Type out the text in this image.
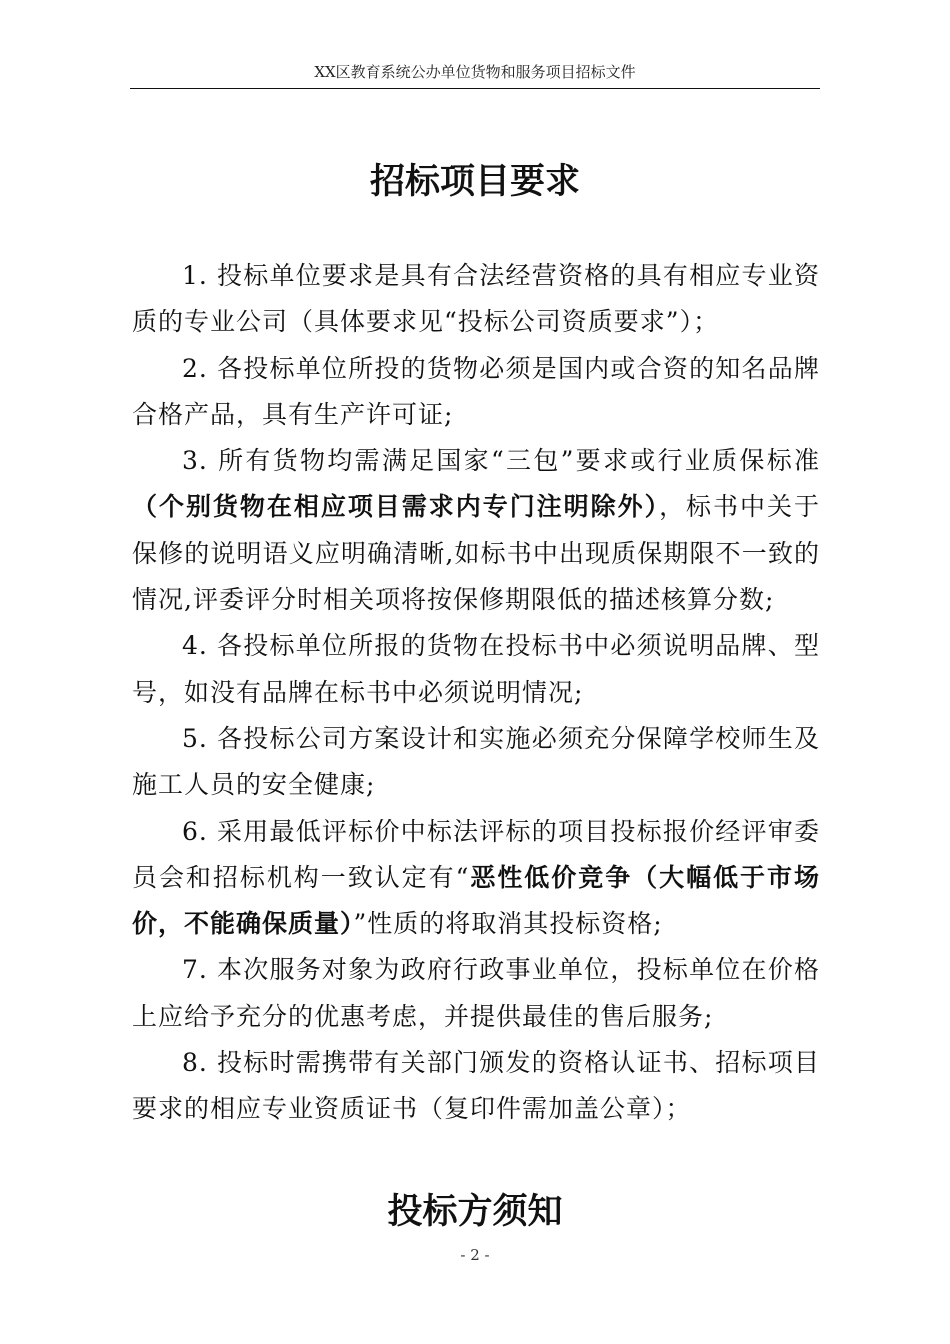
XX区教育系统公办单位货物和服务项目招标文件
招标项目要求

1. 投标单位要求是具有合法经营资格的具有相应专业资质的专业公司（具体要求见“投标公司资质要求”）；

2. 各投标单位所投的货物必须是国内或合资的知名品牌合格产品，具有生产许可证;

3. 所有货物均需满足国家“三包”要求或行业质保标准（个别货物在相应项目需求内专门注明除外），标书中关于保修的说明语义应明确清晰,如标书中出现质保期限不一致的情况,评委评分时相关项将按保修期限低的描述核算分数;

4. 各投标单位所报的货物在投标书中必须说明品牌、型号，如没有品牌在标书中必须说明情况;

5. 各投标公司方案设计和实施必须充分保障学校师生及施工人员的安全健康;

6. 采用最低评标价中标法评标的项目投标报价经评审委员会和招标机构一致认定有“恶性低价竞争（大幅低于市场价，不能确保质量）”性质的将取消其投标资格;

7. 本次服务对象为政府行政事业单位，投标单位在价格上应给予充分的优惠考虑，并提供最佳的售后服务;

8. 投标时需携带有关部门颁发的资格认证书、招标项目要求的相应专业资质证书（复印件需加盖公章）；

投标方须知
- 2 -
